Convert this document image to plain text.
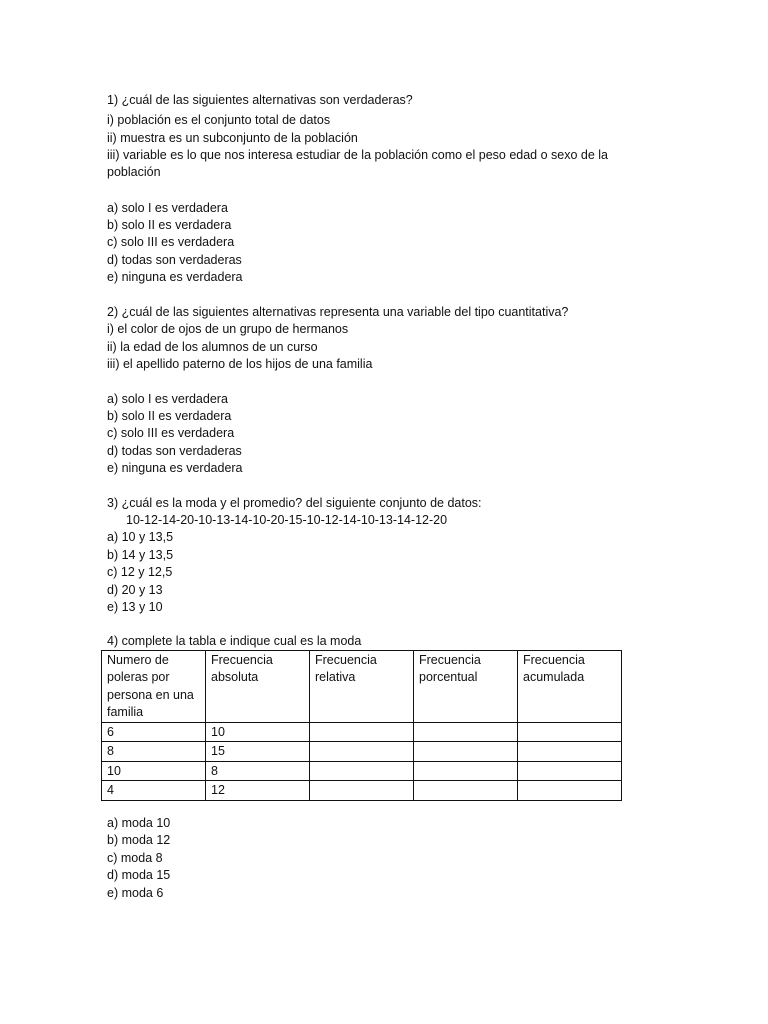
1) ¿cuál de las siguientes alternativas son verdaderas?
i) población es el conjunto total de datos
ii) muestra es un subconjunto de la población
iii) variable es lo que nos interesa estudiar de la población como el peso edad o sexo de la población
a) solo I es verdadera
b) solo II es verdadera
c) solo III es verdadera
d) todas son verdaderas
e) ninguna es verdadera
2) ¿cuál de las siguientes alternativas representa una variable del tipo cuantitativa?
i) el color de ojos de un grupo de hermanos
ii) la edad de los alumnos de un curso
iii) el apellido paterno de los hijos de una familia
a) solo I es verdadera
b) solo II es verdadera
c) solo III es verdadera
d) todas son verdaderas
e) ninguna es verdadera
3) ¿cuál es la moda y el promedio? del siguiente conjunto de datos:
10-12-14-20-10-13-14-10-20-15-10-12-14-10-13-14-12-20
a) 10 y 13,5
b) 14 y 13,5
c) 12 y 12,5
d) 20 y 13
e) 13 y 10
4) complete la tabla e indique cual es la moda
Numero de poleras por persona en una familia	Frecuencia absoluta	Frecuencia relativa	Frecuencia porcentual	Frecuencia acumulada
6	10			
8	15			
10	8			
4	12			
a) moda 10
b) moda 12
c) moda 8
d) moda 15
e) moda 6
